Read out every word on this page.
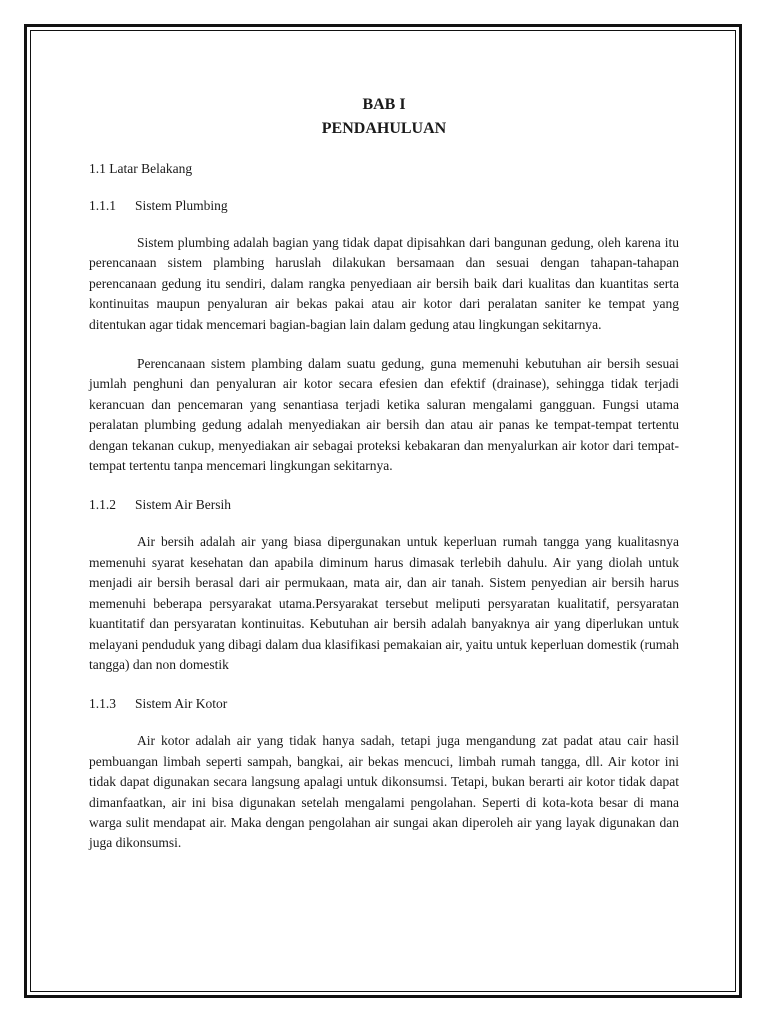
BAB I
PENDAHULUAN
1.1 Latar Belakang
1.1.1 Sistem Plumbing

Sistem plumbing adalah bagian yang tidak dapat dipisahkan dari bangunan gedung, oleh karena itu perencanaan sistem plambing haruslah dilakukan bersamaan dan sesuai dengan tahapan-tahapan perencanaan gedung itu sendiri, dalam rangka penyediaan air bersih baik dari kualitas dan kuantitas serta kontinuitas maupun penyaluran air bekas pakai atau air kotor dari peralatan saniter ke tempat yang ditentukan agar tidak mencemari bagian-bagian lain dalam gedung atau lingkungan sekitarnya.

Perencanaan sistem plambing dalam suatu gedung, guna memenuhi kebutuhan air bersih sesuai jumlah penghuni dan penyaluran air kotor secara efesien dan efektif (drainase), sehingga tidak terjadi kerancuan dan pencemaran yang senantiasa terjadi ketika saluran mengalami gangguan. Fungsi utama peralatan plumbing gedung adalah menyediakan air bersih dan atau air panas ke tempat-tempat tertentu dengan tekanan cukup, menyediakan air sebagai proteksi kebakaran dan menyalurkan air kotor dari tempat-tempat tertentu tanpa mencemari lingkungan sekitarnya.

1.1.2 Sistem Air Bersih

Air bersih adalah air yang biasa dipergunakan untuk keperluan rumah tangga yang kualitasnya memenuhi syarat kesehatan dan apabila diminum harus dimasak terlebih dahulu. Air yang diolah untuk menjadi air bersih berasal dari air permukaan, mata air, dan air tanah. Sistem penyedian air bersih harus memenuhi beberapa persyarakat utama.Persyarakat tersebut meliputi persyaratan kualitatif, persyaratan kuantitatif dan persyaratan kontinuitas. Kebutuhan air bersih adalah banyaknya air yang diperlukan untuk melayani penduduk yang dibagi dalam dua klasifikasi pemakaian air, yaitu untuk keperluan domestik (rumah tangga) dan non domestik

1.1.3 Sistem Air Kotor

Air kotor adalah air yang tidak hanya sadah, tetapi juga mengandung zat padat atau cair hasil pembuangan limbah seperti sampah, bangkai, air bekas mencuci, limbah rumah tangga, dll. Air kotor ini tidak dapat digunakan secara langsung apalagi untuk dikonsumsi. Tetapi, bukan berarti air kotor tidak dapat dimanfaatkan, air ini bisa digunakan setelah mengalami pengolahan. Seperti di kota-kota besar di mana warga sulit mendapat air. Maka dengan pengolahan air sungai akan diperoleh air yang layak digunakan dan juga dikonsumsi.
